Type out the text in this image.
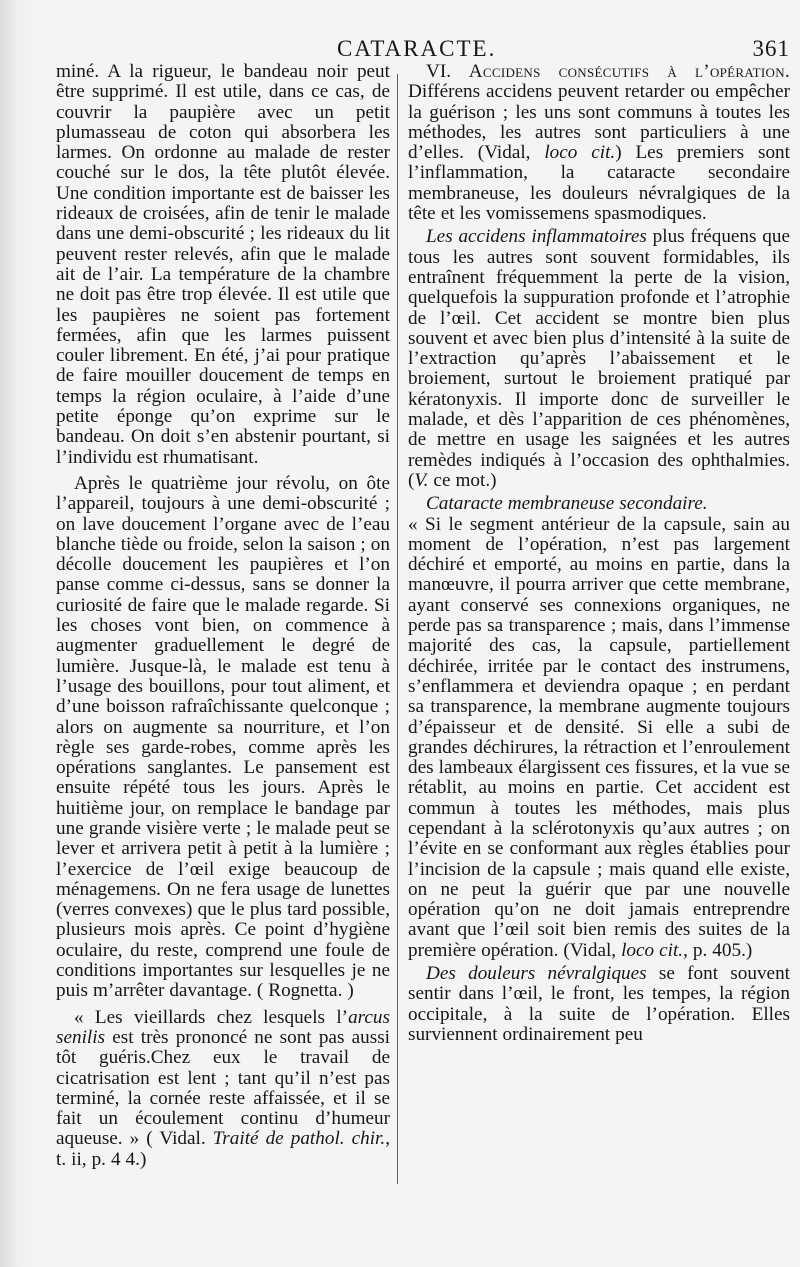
CATARACTE.	361

miné. A la rigueur, le bandeau noir peut être supprimé. Il est utile, dans ce cas, de couvrir la paupière avec un petit plumasseau de coton qui absorbera les larmes. On ordonne au malade de rester couché sur le dos, la tête plutôt élevée. Une condition importante est de baisser les rideaux de croisées, afin de tenir le malade dans une demi-obscurité ; les rideaux du lit peuvent rester relevés, afin que le malade ait de l’air. La température de la chambre ne doit pas être trop élevée. Il est utile que les paupières ne soient pas fortement fermées, afin que les larmes puissent couler librement. En été, j’ai pour pratique de faire mouiller doucement de temps en temps la région oculaire, à l’aide d’une petite éponge qu’on exprime sur le bandeau. On doit s’en abstenir pourtant, si l’individu est rhumatisant.

Après le quatrième jour révolu, on ôte l’appareil, toujours à une demi-obscurité ; on lave doucement l’organe avec de l’eau blanche tiède ou froide, selon la saison ; on décolle doucement les paupières et l’on panse comme ci-dessus, sans se donner la curiosité de faire que le malade regarde. Si les choses vont bien, on commence à augmenter graduellement le degré de lumière. Jusque-là, le malade est tenu à l’usage des bouillons, pour tout aliment, et d’une boisson rafraîchissante quelconque ; alors on augmente sa nourriture, et l’on règle ses garde-robes, comme après les opérations sanglantes. Le pansement est ensuite répété tous les jours. Après le huitième jour, on remplace le bandage par une grande visière verte ; le malade peut se lever et arrivera petit à petit à la lumière ; l’exercice de l’œil exige beaucoup de ménagemens. On ne fera usage de lunettes (verres convexes) que le plus tard possible, plusieurs mois après. Ce point d’hygiène oculaire, du reste, comprend une foule de conditions importantes sur lesquelles je ne puis m’arrêter davantage. ( Rognetta. )

« Les vieillards chez lesquels l’arcus senilis est très prononcé ne sont pas aussi tôt guéris.Chez eux le travail de cicatrisation est lent ; tant qu’il n’est pas terminé, la cornée reste affaissée, et il se fait un écoulement continu d’humeur aqueuse. » ( Vidal. Traité de pathol. chir., t. ii, p. 4 4.)

VI. Accidens consécutifs à l’opération. Différens accidens peuvent retarder ou empêcher la guérison ; les uns sont communs à toutes les méthodes, les autres sont particuliers à une d’elles. (Vidal, loco cit.) Les premiers sont l’inflammation, la cataracte secondaire membraneuse, les douleurs névralgiques de la tête et les vomissemens spasmodiques.

Les accidens inflammatoires plus fréquens que tous les autres sont souvent formidables, ils entraînent fréquemment la perte de la vision, quelquefois la suppuration profonde et l’atrophie de l’œil. Cet accident se montre bien plus souvent et avec bien plus d’intensité à la suite de l’extraction qu’après l’abaissement et le broiement, surtout le broiement pratiqué par kératonyxis. Il importe donc de surveiller le malade, et dès l’apparition de ces phénomènes, de mettre en usage les saignées et les autres remèdes indiqués à l’occasion des ophthalmies. (V. ce mot.)

Cataracte membraneuse secondaire.

« Si le segment antérieur de la capsule, sain au moment de l’opération, n’est pas largement déchiré et emporté, au moins en partie, dans la manœuvre, il pourra arriver que cette membrane, ayant conservé ses connexions organiques, ne perde pas sa transparence ; mais, dans l’immense majorité des cas, la capsule, partiellement déchirée, irritée par le contact des instrumens, s’enflammera et deviendra opaque ; en perdant sa transparence, la membrane augmente toujours d’épaisseur et de densité. Si elle a subi de grandes déchirures, la rétraction et l’enroulement des lambeaux élargissent ces fissures, et la vue se rétablit, au moins en partie. Cet accident est commun à toutes les méthodes, mais plus cependant à la sclérotonyxis qu’aux autres ; on l’évite en se conformant aux règles établies pour l’incision de la capsule ; mais quand elle existe, on ne peut la guérir que par une nouvelle opération qu’on ne doit jamais entreprendre avant que l’œil soit bien remis des suites de la première opération. (Vidal, loco cit., p. 405.)

Des douleurs névralgiques se font souvent sentir dans l’œil, le front, les tempes, la région occipitale, à la suite de l’opération. Elles surviennent ordinairement peu
